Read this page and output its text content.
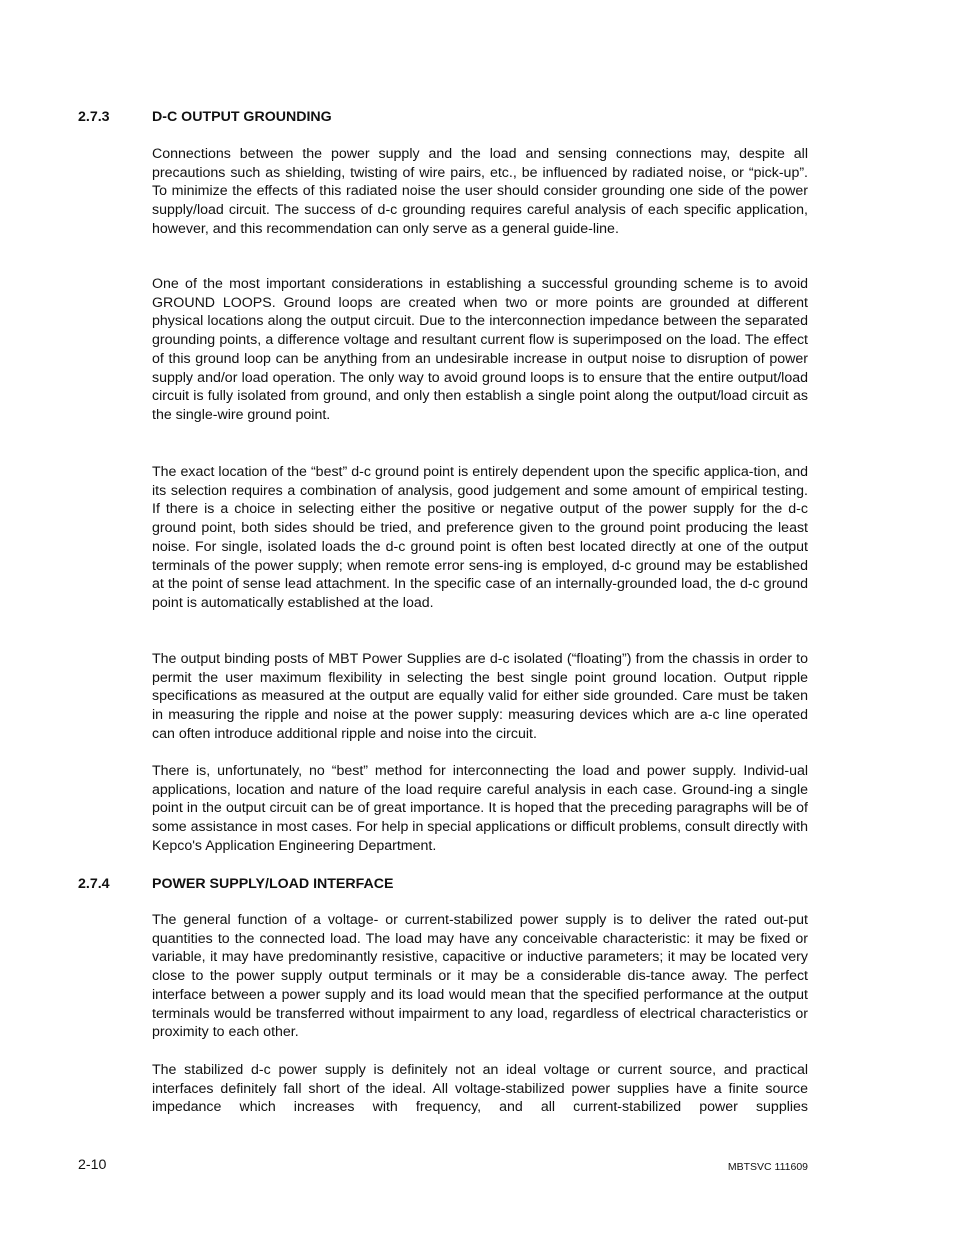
2.7.3	D-C OUTPUT GROUNDING

Connections between the power supply and the load and sensing connections may, despite all precautions such as shielding, twisting of wire pairs, etc., be influenced by radiated noise, or “pick-up”. To minimize the effects of this radiated noise the user should consider grounding one side of the power supply/load circuit. The success of d-c grounding requires careful analysis of each specific application, however, and this recommendation can only serve as a general guide-line.

One of the most important considerations in establishing a successful grounding scheme is to avoid GROUND LOOPS. Ground loops are created when two or more points are grounded at different physical locations along the output circuit. Due to the interconnection impedance between the separated grounding points, a difference voltage and resultant current flow is superimposed on the load. The effect of this ground loop can be anything from an undesirable increase in output noise to disruption of power supply and/or load operation. The only way to avoid ground loops is to ensure that the entire output/load circuit is fully isolated from ground, and only then establish a single point along the output/load circuit as the single-wire ground point.

The exact location of the “best” d-c ground point is entirely dependent upon the specific applica-tion, and its selection requires a combination of analysis, good judgement and some amount of empirical testing. If there is a choice in selecting either the positive or negative output of the power supply for the d-c ground point, both sides should be tried, and preference given to the ground point producing the least noise. For single, isolated loads the d-c ground point is often best located directly at one of the output terminals of the power supply; when remote error sens-ing is employed, d-c ground may be established at the point of sense lead attachment. In the specific case of an internally-grounded load, the d-c ground point is automatically established at the load.

The output binding posts of MBT Power Supplies are d-c isolated (“floating”) from the chassis in order to permit the user maximum flexibility in selecting the best single point ground location. Output ripple specifications as measured at the output are equally valid for either side grounded. Care must be taken in measuring the ripple and noise at the power supply: measuring devices which are a-c line operated can often introduce additional ripple and noise into the circuit.

There is, unfortunately, no “best” method for interconnecting the load and power supply. Individ-ual applications, location and nature of the load require careful analysis in each case. Ground-ing a single point in the output circuit can be of great importance. It is hoped that the preceding paragraphs will be of some assistance in most cases. For help in special applications or difficult problems, consult directly with Kepco's Application Engineering Department.

2.7.4	POWER SUPPLY/LOAD INTERFACE

The general function of a voltage- or current-stabilized power supply is to deliver the rated out-put quantities to the connected load. The load may have any conceivable characteristic: it may be fixed or variable, it may have predominantly resistive, capacitive or inductive parameters; it may be located very close to the power supply output terminals or it may be a considerable dis-tance away. The perfect interface between a power supply and its load would mean that the specified performance at the output terminals would be transferred without impairment to any load, regardless of electrical characteristics or proximity to each other.

The stabilized d-c power supply is definitely not an ideal voltage or current source, and practical interfaces definitely fall short of the ideal. All voltage-stabilized power supplies have a finite source impedance which increases with frequency, and all current-stabilized power supplies

2-10	MBTSVC 111609
